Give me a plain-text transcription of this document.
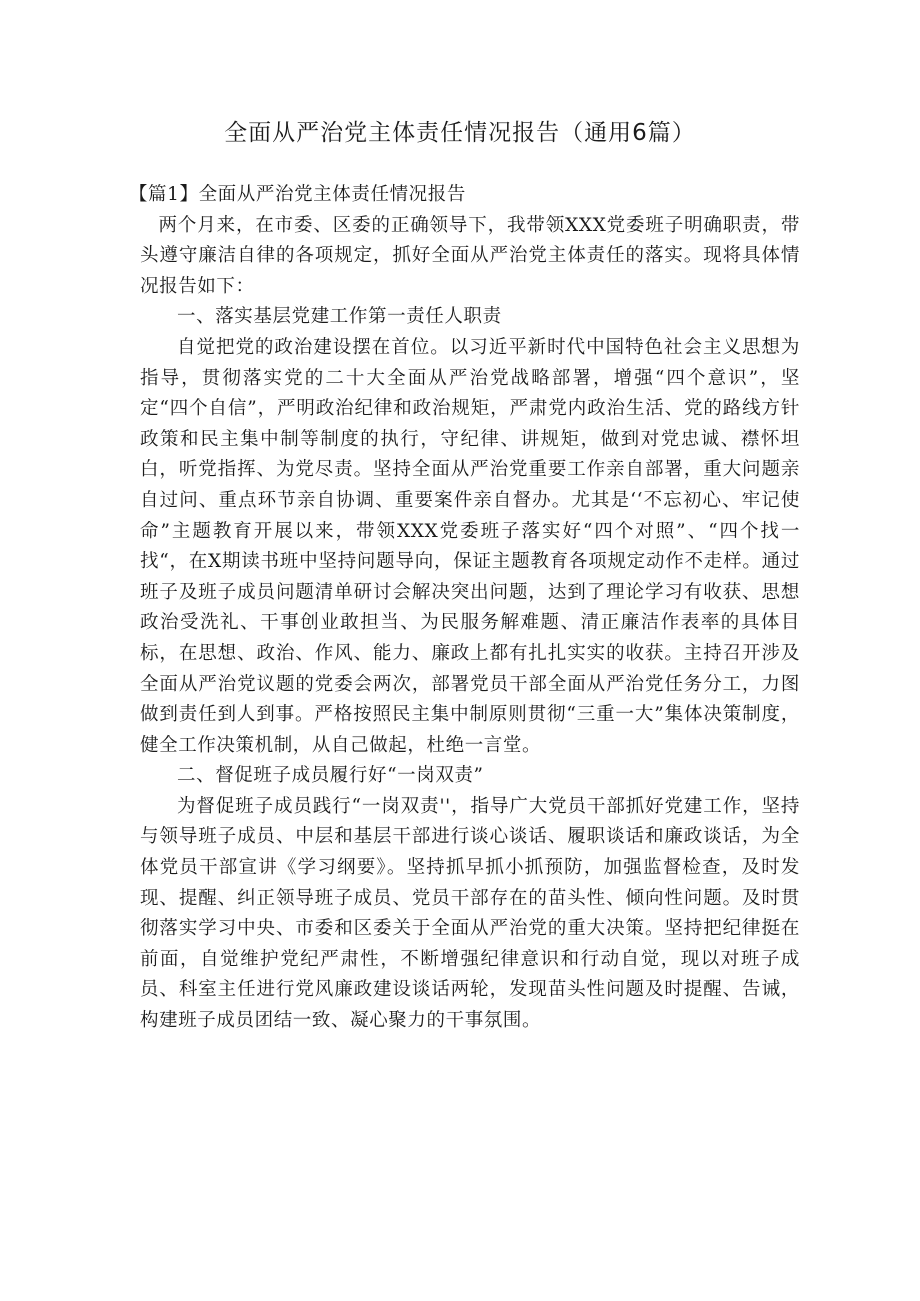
全面从严治党主体责任情况报告（通用6篇）

【篇1】全面从严治党主体责任情况报告

两个月来，在市委、区委的正确领导下，我带领XXX党委班子明确职责，带头遵守廉洁自律的各项规定，抓好全面从严治党主体责任的落实。现将具体情况报告如下：

一、落实基层党建工作第一责任人职责

自觉把党的政治建设摆在首位。以习近平新时代中国特色社会主义思想为指导，贯彻落实党的二十大全面从严治党战略部署，增强“四个意识”，坚定“四个自信”，严明政治纪律和政治规矩，严肃党内政治生活、党的路线方针政策和民主集中制等制度的执行，守纪律、讲规矩，做到对党忠诚、襟怀坦白，听党指挥、为党尽责。坚持全面从严治党重要工作亲自部署，重大问题亲自过问、重点环节亲自协调、重要案件亲自督办。尤其是‘‘不忘初心、牢记使命”主题教育开展以来，带领XXX党委班子落实好“四个对照”、“四个找一找“，在X期读书班中坚持问题导向，保证主题教育各项规定动作不走样。通过班子及班子成员问题清单研讨会解决突出问题，达到了理论学习有收获、思想政治受洗礼、干事创业敢担当、为民服务解难题、清正廉洁作表率的具体目标，在思想、政治、作风、能力、廉政上都有扎扎实实的收获。主持召开涉及全面从严治党议题的党委会两次，部署党员干部全面从严治党任务分工，力图做到责任到人到事。严格按照民主集中制原则贯彻“三重一大”集体决策制度，健全工作决策机制，从自己做起，杜绝一言堂。

二、督促班子成员履行好“一岗双责”

为督促班子成员践行“一岗双责''，指导广大党员干部抓好党建工作，坚持与领导班子成员、中层和基层干部进行谈心谈话、履职谈话和廉政谈话，为全体党员干部宣讲《学习纲要》。坚持抓早抓小抓预防，加强监督检查，及时发现、提醒、纠正领导班子成员、党员干部存在的苗头性、倾向性问题。及时贯彻落实学习中央、市委和区委关于全面从严治党的重大决策。坚持把纪律挺在前面，自觉维护党纪严肃性，不断增强纪律意识和行动自觉，现以对班子成员、科室主任进行党风廉政建设谈话两轮，发现苗头性问题及时提醒、告诫，构建班子成员团结一致、凝心聚力的干事氛围。
